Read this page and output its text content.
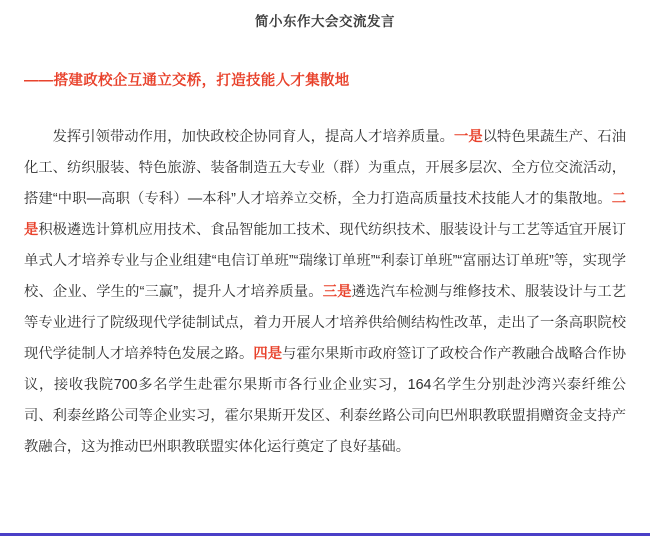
简小东作大会交流发言
——搭建政校企互通立交桥，打造技能人才集散地
发挥引领带动作用，加快政校企协同育人，提高人才培养质量。一是以特色果蔬生产、石油化工、纺织服装、特色旅游、装备制造五大专业（群）为重点，开展多层次、全方位交流活动，搭建“中职—高职（专科）—本科”人才培养立交桥，全力打造高质量技术技能人才的集散地。二是积极遴选计算机应用技术、食品智能加工技术、现代纺织技术、服装设计与工艺等适宜开展订单式人才培养专业与企业组建“电信订单班”“瑞缘订单班”“利泰订单班”“富丽达订单班”等，实现学校、企业、学生的“三赢”，提升人才培养质量。三是遴选汽车检测与维修技术、服装设计与工艺等专业进行了院级现代学徒制试点，着力开展人才培养供给侧结构性改革，走出了一条高职院校现代学徒制人才培养特色发展之路。四是与霍尔果斯市政府签订了政校合作产教融合战略合作协议，接收我院700多名学生赴霍尔果斯市各行业企业实习，164名学生分别赴沙湾兴泰纤维公司、利泰丝路公司等企业实习，霍尔果斯开发区、利泰丝路公司向巴州职教联盟捐赠资金支持产教融合，这为推动巴州职教联盟实体化运行奠定了良好基础。
